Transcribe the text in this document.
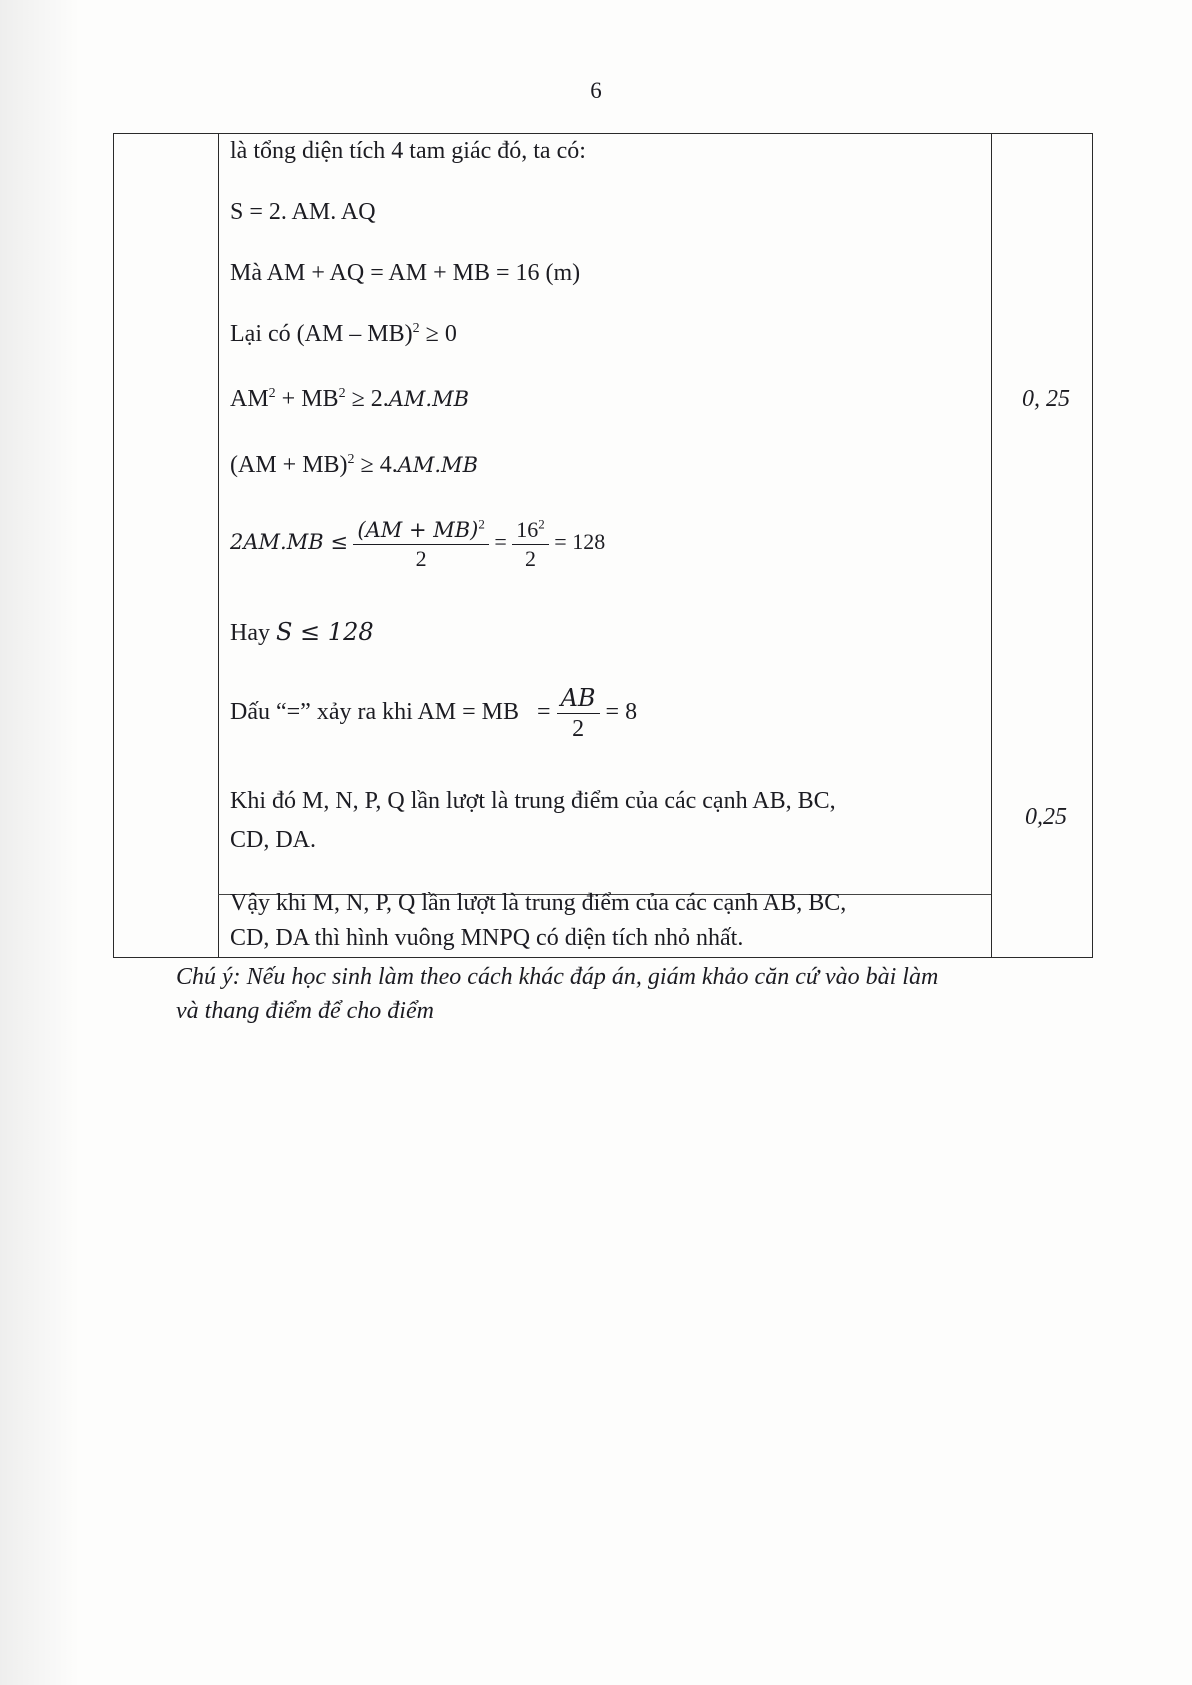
6
là tổng diện tích 4 tam giác đó, ta có:
S = 2. AM. AQ
Mà AM + AQ = AM + MB = 16 (m)
Lại có (AM – MB)$^2$ ≥ 0
$AM^2 + MB^2 \ge 2.AM.MB$
(AM + MB)$^2$ ≥ 4.AM.MB
$2AM.MB \le \frac{(AM + MB)^2}{2} = \frac{16^2}{2} = 128$
Hay S ≤ 128
Dấu “=” xảy ra khi AM = MB = $\frac{AB}{2} = 8$
Khi đó M, N, P, Q lần lượt là trung điểm của các cạnh AB, BC,
CD, DA.
Vậy khi M, N, P, Q lần lượt là trung điểm của các cạnh AB, BC,
CD, DA thì hình vuông MNPQ có diện tích nhỏ nhất.
0, 25
0,25
Chú ý: Nếu học sinh làm theo cách khác đáp án, giám khảo căn cứ vào bài làm
và thang điểm để cho điểm
